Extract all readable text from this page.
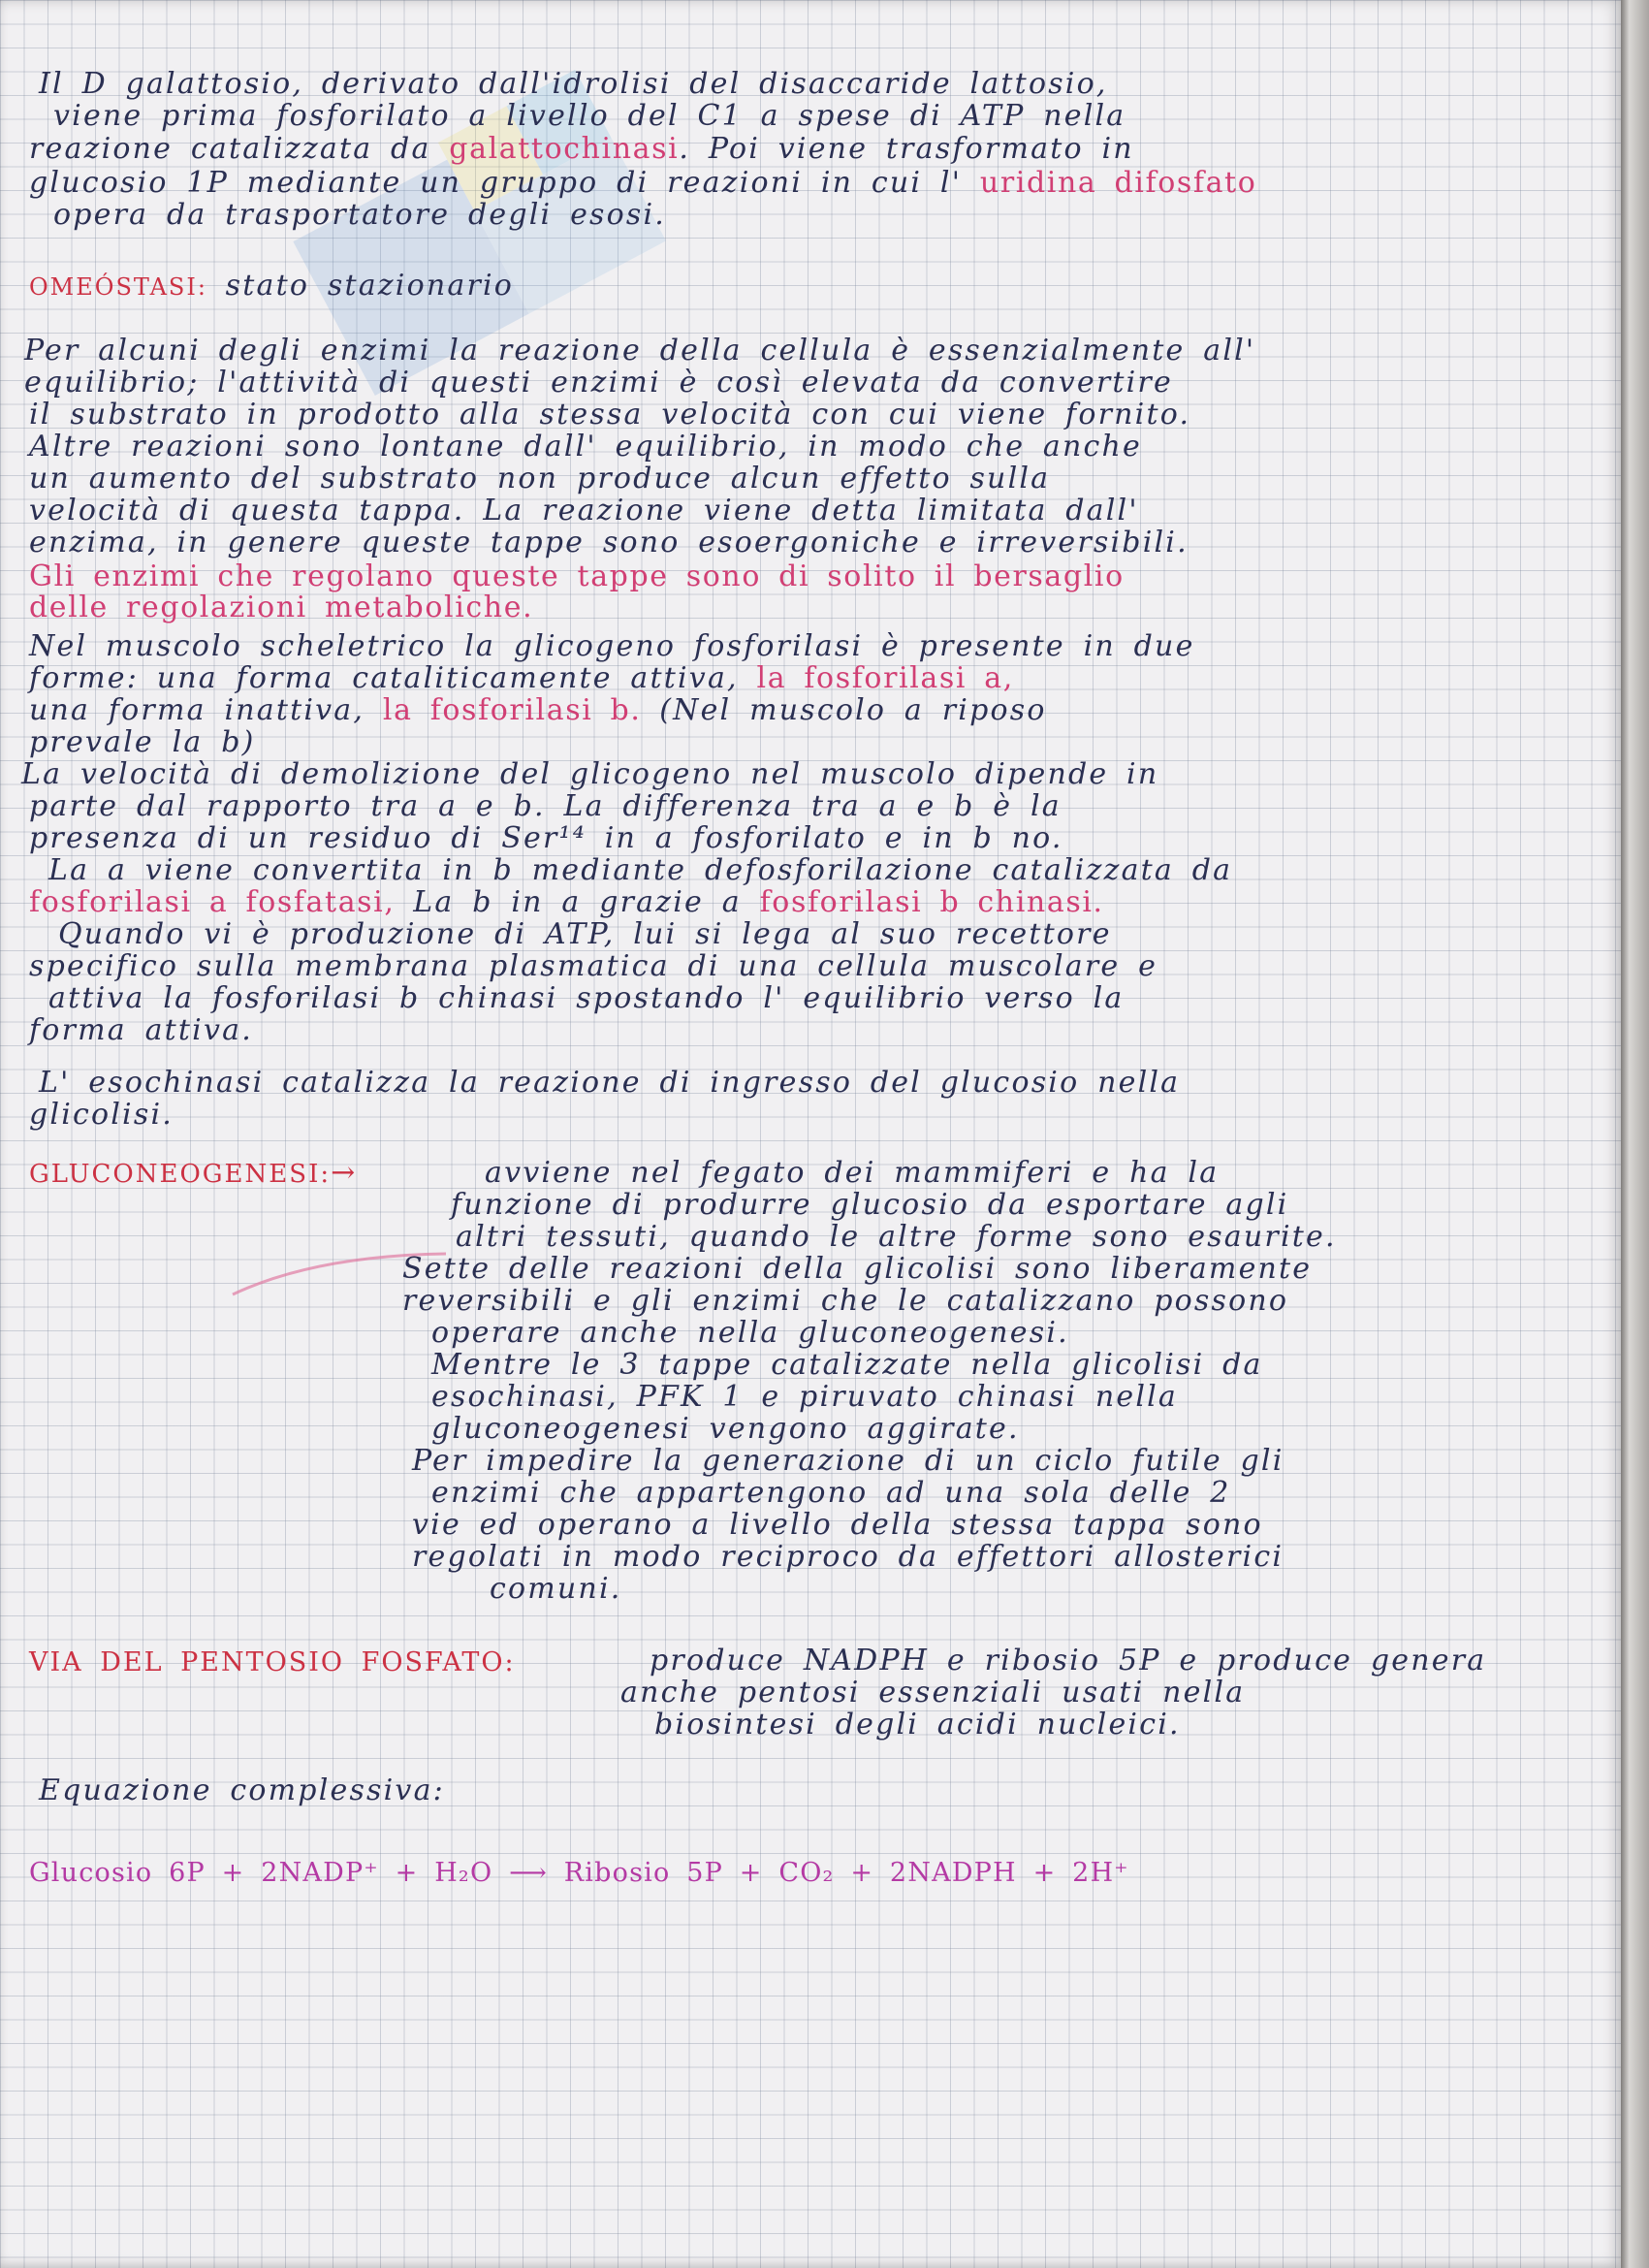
Il D galattosio, derivato dall'idrolisi del disaccaride lattosio,

viene prima fosforilato a livello del C1 a spese di ATP nella

reazione catalizzata da galattochinasi. Poi viene trasformato in

glucosio 1P mediante un gruppo di reazioni in cui l' uridina difosfato

opera da trasportatore degli esosi.

OMEÓSTASI: stato stazionario

Per alcuni degli enzimi la reazione della cellula è essenzialmente all'

equilibrio; l'attività di questi enzimi è così elevata da convertire

il substrato in prodotto alla stessa velocità con cui viene fornito.

Altre reazioni sono lontane dall' equilibrio, in modo che anche

un aumento del substrato non produce alcun effetto sulla

velocità di questa tappa. La reazione viene detta limitata dall'

enzima, in genere queste tappe sono esoergoniche e irreversibili.

Gli enzimi che regolano queste tappe sono di solito il bersaglio

delle regolazioni metaboliche.

Nel muscolo scheletrico la glicogeno fosforilasi è presente in due

forme: una forma cataliticamente attiva, la fosforilasi a,

una forma inattiva, la fosforilasi b. (Nel muscolo a riposo

prevale la b)

La velocità di demolizione del glicogeno nel muscolo dipende in

parte dal rapporto tra a e b. La differenza tra a e b è la

presenza di un residuo di Ser¹⁴ in a fosforilato e in b no.

La a viene convertita in b mediante defosforilazione catalizzata da

fosforilasi a fosfatasi, La b in a grazie a fosforilasi b chinasi.

Quando vi è produzione di ATP, lui si lega al suo recettore

specifico sulla membrana plasmatica di una cellula muscolare e

attiva la fosforilasi b chinasi spostando l' equilibrio verso la

forma attiva.

L' esochinasi catalizza la reazione di ingresso del glucosio nella

glicolisi.

GLUCONEOGENESI:→	avviene nel fegato dei mammiferi e ha la

funzione di produrre glucosio da esportare agli

altri tessuti, quando le altre forme sono esaurite.

Sette delle reazioni della glicolisi sono liberamente

reversibili e gli enzimi che le catalizzano possono

operare anche nella gluconeogenesi.

Mentre le 3 tappe catalizzate nella glicolisi da

esochinasi, PFK 1 e piruvato chinasi nella

gluconeogenesi vengono aggirate.

Per impedire la generazione di un ciclo futile gli

enzimi che appartengono ad una sola delle 2

vie ed operano a livello della stessa tappa sono

regolati in modo reciproco da effettori allosterici

comuni.

VIA DEL PENTOSIO FOSFATO:	produce NADPH e ribosio 5P e produce genera

anche pentosi essenziali usati nella

biosintesi degli acidi nucleici.

Equazione complessiva:

Glucosio 6P + 2NADP⁺ + H₂O ⟶ Ribosio 5P + CO₂ + 2NADPH + 2H⁺
